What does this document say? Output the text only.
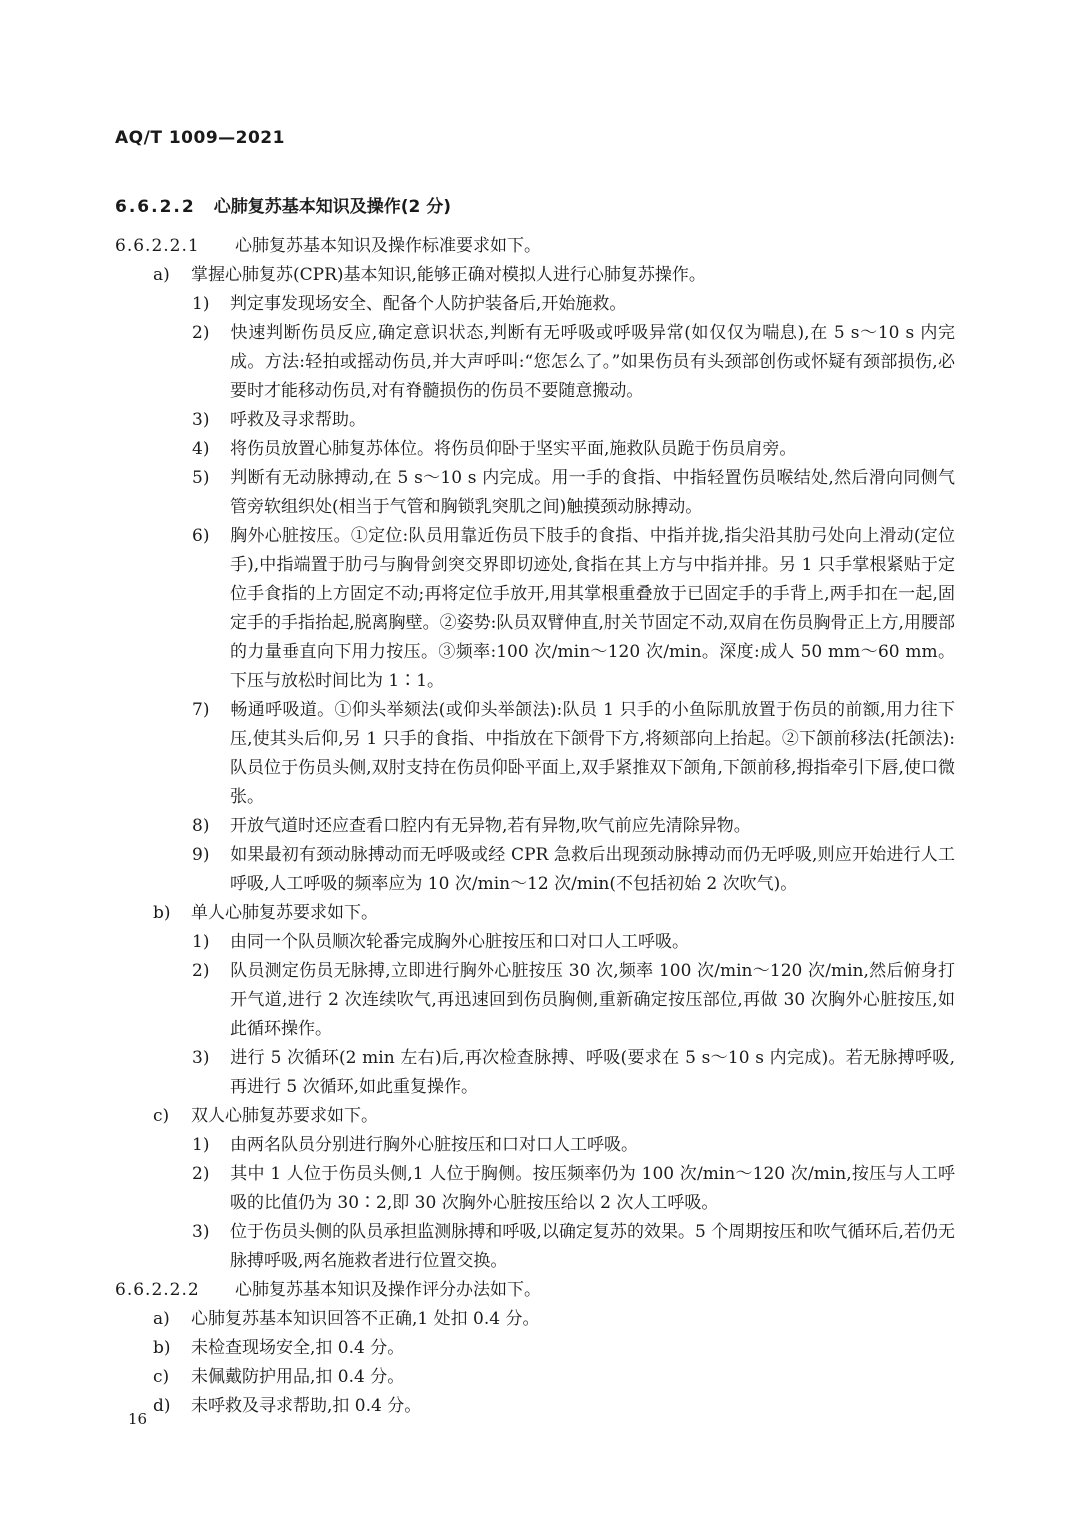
AQ/T 1009—2021
6.6.2.2 心肺复苏基本知识及操作(2 分)
6.6.2.2.1 心肺复苏基本知识及操作标准要求如下。
a) 掌握心肺复苏(CPR)基本知识,能够正确对模拟人进行心肺复苏操作。
1) 判定事发现场安全、配备个人防护装备后,开始施救。
2) 快速判断伤员反应,确定意识状态,判断有无呼吸或呼吸异常(如仅仅为喘息),在 5 s～10 s 内完成。方法:轻拍或摇动伤员,并大声呼叫:“您怎么了。”如果伤员有头颈部创伤或怀疑有颈部损伤,必要时才能移动伤员,对有脊髓损伤的伤员不要随意搬动。
3) 呼救及寻求帮助。
4) 将伤员放置心肺复苏体位。将伤员仰卧于坚实平面,施救队员跪于伤员肩旁。
5) 判断有无动脉搏动,在 5 s～10 s 内完成。用一手的食指、中指轻置伤员喉结处,然后滑向同侧气管旁软组织处(相当于气管和胸锁乳突肌之间)触摸颈动脉搏动。
6) 胸外心脏按压。①定位:队员用靠近伤员下肢手的食指、中指并拢,指尖沿其肋弓处向上滑动(定位手),中指端置于肋弓与胸骨剑突交界即切迹处,食指在其上方与中指并排。另 1 只手掌根紧贴于定位手食指的上方固定不动;再将定位手放开,用其掌根重叠放于已固定手的手背上,两手扣在一起,固定手的手指抬起,脱离胸壁。②姿势:队员双臂伸直,肘关节固定不动,双肩在伤员胸骨正上方,用腰部的力量垂直向下用力按压。③频率:100 次/min～120 次/min。深度:成人 50 mm～60 mm。下压与放松时间比为 1∶1。
7) 畅通呼吸道。①仰头举颏法(或仰头举颌法):队员 1 只手的小鱼际肌放置于伤员的前额,用力往下压,使其头后仰,另 1 只手的食指、中指放在下颌骨下方,将颏部向上抬起。②下颌前移法(托颌法):队员位于伤员头侧,双肘支持在伤员仰卧平面上,双手紧推双下颌角,下颌前移,拇指牵引下唇,使口微张。
8) 开放气道时还应查看口腔内有无异物,若有异物,吹气前应先清除异物。
9) 如果最初有颈动脉搏动而无呼吸或经 CPR 急救后出现颈动脉搏动而仍无呼吸,则应开始进行人工呼吸,人工呼吸的频率应为 10 次/min～12 次/min(不包括初始 2 次吹气)。
b) 单人心肺复苏要求如下。
1) 由同一个队员顺次轮番完成胸外心脏按压和口对口人工呼吸。
2) 队员测定伤员无脉搏,立即进行胸外心脏按压 30 次,频率 100 次/min～120 次/min,然后俯身打开气道,进行 2 次连续吹气,再迅速回到伤员胸侧,重新确定按压部位,再做 30 次胸外心脏按压,如此循环操作。
3) 进行 5 次循环(2 min 左右)后,再次检查脉搏、呼吸(要求在 5 s～10 s 内完成)。若无脉搏呼吸,再进行 5 次循环,如此重复操作。
c) 双人心肺复苏要求如下。
1) 由两名队员分别进行胸外心脏按压和口对口人工呼吸。
2) 其中 1 人位于伤员头侧,1 人位于胸侧。按压频率仍为 100 次/min～120 次/min,按压与人工呼吸的比值仍为 30∶2,即 30 次胸外心脏按压给以 2 次人工呼吸。
3) 位于伤员头侧的队员承担监测脉搏和呼吸,以确定复苏的效果。5 个周期按压和吹气循环后,若仍无脉搏呼吸,两名施救者进行位置交换。
6.6.2.2.2 心肺复苏基本知识及操作评分办法如下。
a) 心肺复苏基本知识回答不正确,1 处扣 0.4 分。
b) 未检查现场安全,扣 0.4 分。
c) 未佩戴防护用品,扣 0.4 分。
d) 未呼救及寻求帮助,扣 0.4 分。
16
